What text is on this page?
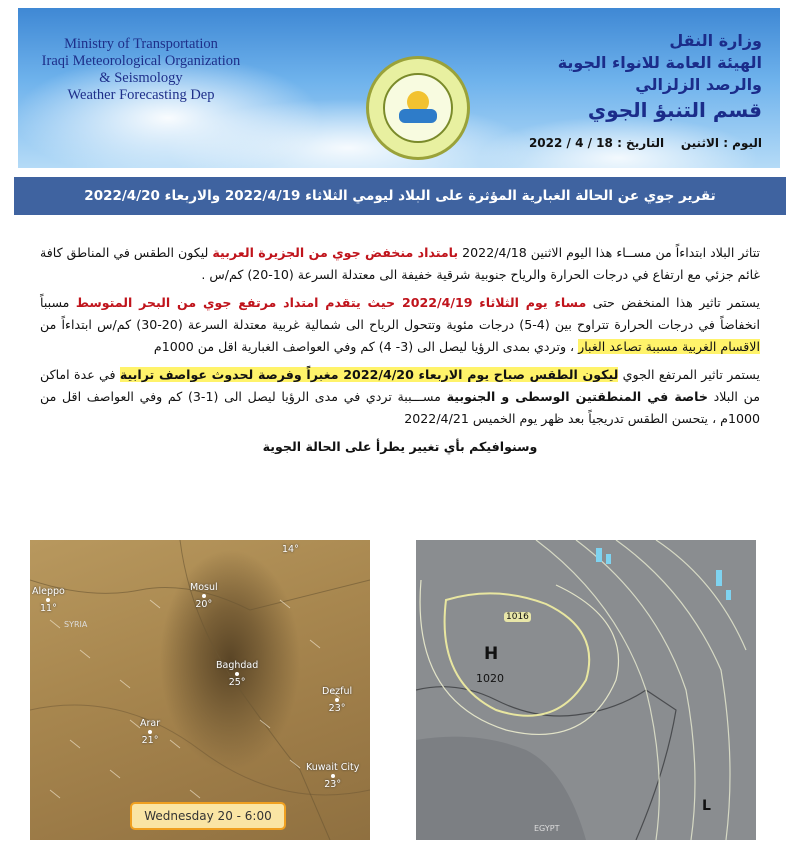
Ministry of Transportation
Iraqi Meteorological Organization
& Seismology
Weather Forecasting Dep
وزارة النقل
الهيئة العامة للانواء الجوية
والرصد الزلزالي
قسم التنبؤ الجوي
اليوم : الاثنين    التاريخ : 2022 / 4 / 18
تقرير جوي عن الحالة الغبارية المؤثرة على البلاد ليومي الثلاثاء 2022/4/19 والاربعاء 2022/4/20

تتاثر البلاد ابتداءاً من مســاء هذا اليوم الاثنين 2022/4/18 بامتداد منخفض جوي من الجزيرة العربية ليكون الطقس في المناطق كافة غائم جزئي مع ارتفاع في درجات الحرارة والرياح جنوبية شرقية خفيفة الى معتدلة السرعة (10-20) كم/س .

يستمر تاثير هذا المنخفض حتى مساء يوم الثلاثاء 2022/4/19 حيث يتقدم امتداد مرتفع جوي من البحر المتوسط مسبباً انخفاضاً في درجات الحرارة تتراوح بين (4-5) درجات مئوية وتتحول الرياح الى شمالية غربية معتدلة السرعة (20-30) كم/س ابتداءاً من الاقسام الغربية مسببة تصاعد الغبار ، وتردي بمدى الرؤيا ليصل الى (3- 4) كم وفي العواصف الغبارية اقل من 1000م

يستمر تاثير المرتفع الجوي ليكون الطقس صباح يوم الاربعاء 2022/4/20 مغبراً وفرصة لحدوث عواصف ترابية في عدة اماكن من البلاد خاصة في المنطقتين الوسطى و الجنوبية مســـببة تردي في مدى الرؤيا ليصل الى (1-3) كم وفي العواصف اقل من 1000م ، يتحسن الطقس تدريجياً بعد ظهر يوم الخميس 2022/4/21

وسنوافيكم بأي تغيير يطرأ على الحالة الجوية

14°
Aleppo
11°
SYRIA
Mosul
20°
Baghdad
25°
Dezful
23°
Arar
21°
Kuwait City
23°
Wednesday 20 - 6:00
1016
H
1020
EGYPT
L
